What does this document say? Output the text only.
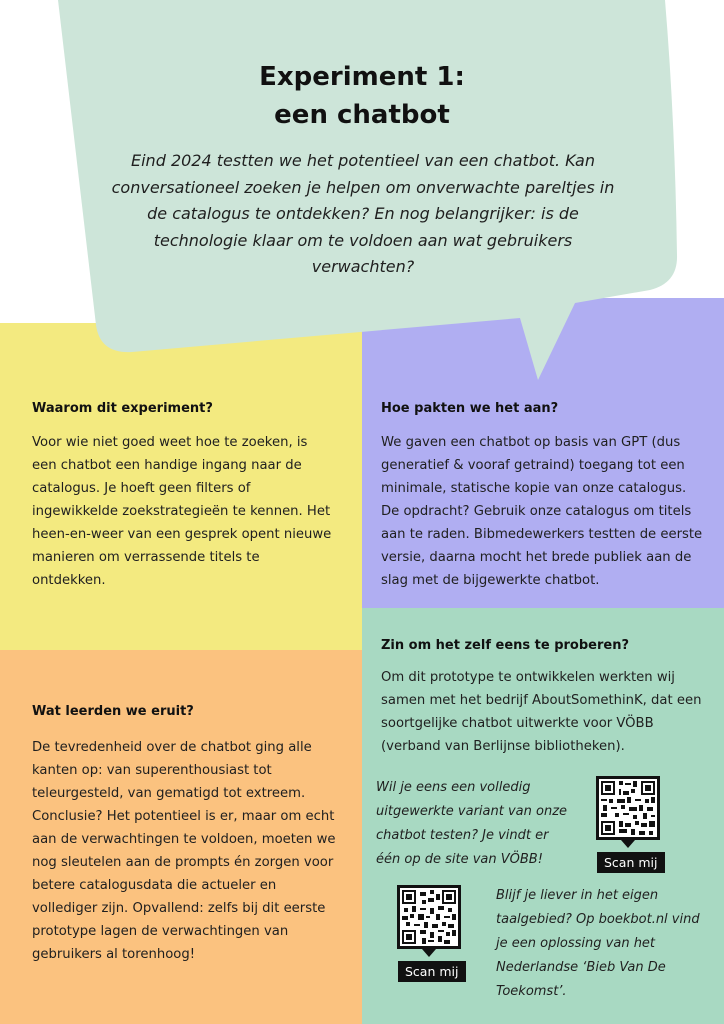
Experiment 1:
een chatbot
Eind 2024 testten we het potentieel van een chatbot. Kan conversationeel zoeken je helpen om onverwachte pareltjes in de catalogus te ontdekken? En nog belangrijker: is de technologie klaar om te voldoen aan wat gebruikers verwachten?
Waarom dit experiment?
Voor wie niet goed weet hoe te zoeken, is een chatbot een handige ingang naar de catalogus. Je hoeft geen filters of ingewikkelde zoekstrategieën te kennen. Het heen-en-weer van een gesprek opent nieuwe manieren om verrassende titels te ontdekken.
Hoe pakten we het aan?
We gaven een chatbot op basis van GPT (dus generatief & vooraf getraind) toegang tot een minimale, statische kopie van onze catalogus. De opdracht? Gebruik onze catalogus om titels aan te raden. Bibmedewerkers testten de eerste versie, daarna mocht het brede publiek aan de slag met de bijgewerkte chatbot.
Wat leerden we eruit?
De tevredenheid over de chatbot ging alle kanten op: van superenthousiast tot teleurgesteld, van gematigd tot extreem. Conclusie? Het potentieel is er, maar om echt aan de verwachtingen te voldoen, moeten we nog sleutelen aan de prompts én zorgen voor betere catalogusdata die actueler en vollediger zijn. Opvallend: zelfs bij dit eerste prototype lagen de verwachtingen van gebruikers al torenhoog!
Zin om het zelf eens te proberen?
Om dit prototype te ontwikkelen werkten wij samen met het bedrijf AboutSomethinK, dat een soortgelijke chatbot uitwerkte voor VÖBB (verband van Berlijnse bibliotheken).
Wil je eens een volledig uitgewerkte variant van onze chatbot testen? Je vindt er één op de site van VÖBB!	Scan mij
Scan mij
Blijf je liever in het eigen taalgebied? Op boekbot.nl vind je een oplossing van het Nederlandse ‘Bieb Van De Toekomst’.
